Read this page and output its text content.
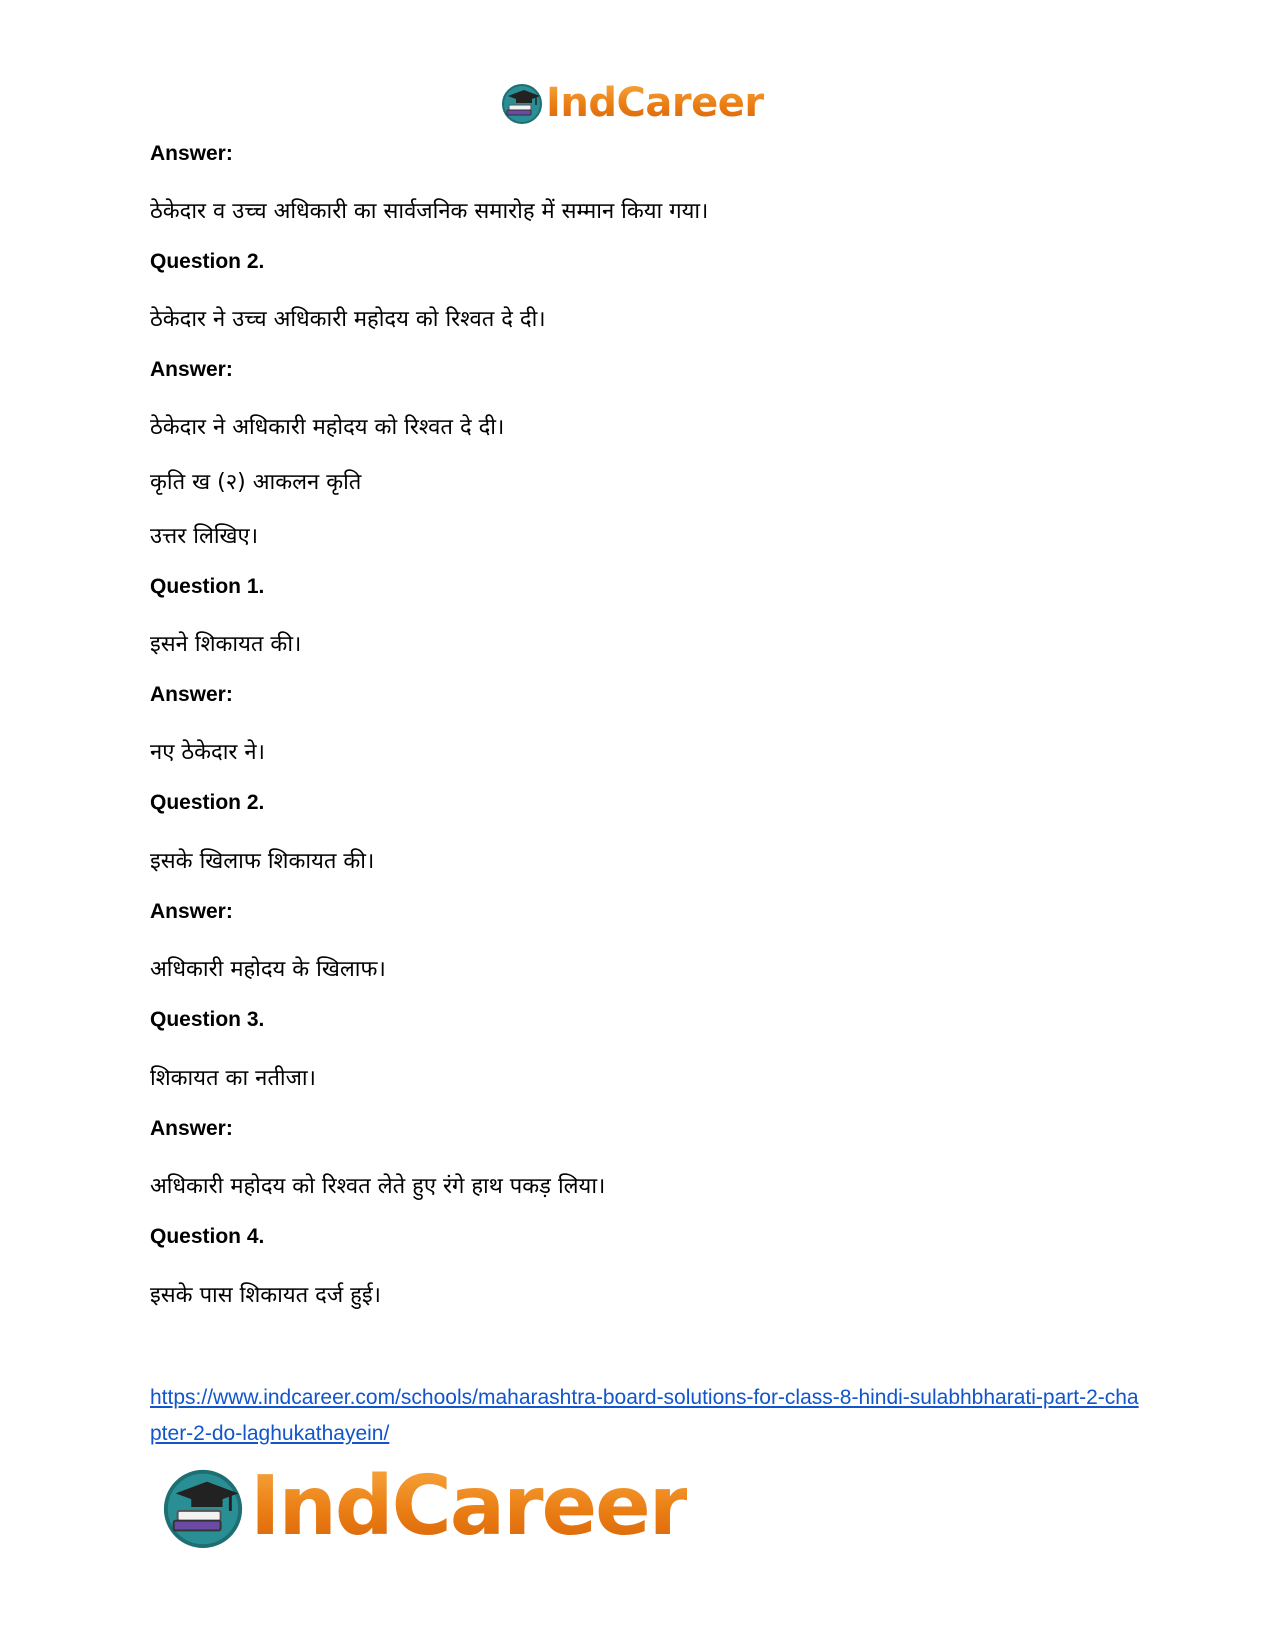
IndCareer
Answer:
ठेकेदार व उच्च अधिकारी का सार्वजनिक समारोह में सम्मान किया गया।
Question 2.
ठेकेदार ने उच्च अधिकारी महोदय को रिश्वत दे दी।
Answer:
ठेकेदार ने अधिकारी महोदय को रिश्वत दे दी।
कृति ख (२) आकलन कृति
उत्तर लिखिए।
Question 1.
इसने शिकायत की।
Answer:
नए ठेकेदार ने।
Question 2.
इसके खिलाफ शिकायत की।
Answer:
अधिकारी महोदय के खिलाफ।
Question 3.
शिकायत का नतीजा।
Answer:
अधिकारी महोदय को रिश्वत लेते हुए रंगे हाथ पकड़ लिया।
Question 4.
इसके पास शिकायत दर्ज हुई।
https://www.indcareer.com/schools/maharashtra-board-solutions-for-class-8-hindi-sulabhbharati-part-2-chapter-2-do-laghukathayein/
IndCareer
